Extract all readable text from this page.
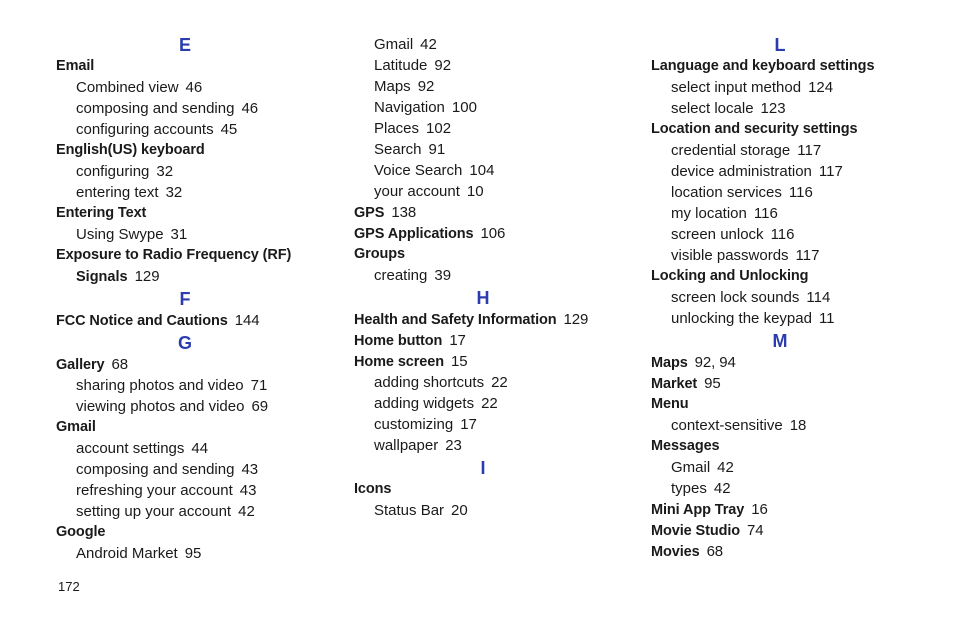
E
Email
Combined view 46
composing and sending 46
configuring accounts 45
English(US) keyboard
configuring 32
entering text 32
Entering Text
Using Swype 31
Exposure to Radio Frequency (RF)
Signals 129
F
FCC Notice and Cautions 144
G
Gallery 68
sharing photos and video 71
viewing photos and video 69
Gmail
account settings 44
composing and sending 43
refreshing your account 43
setting up your account 42
Google
Android Market 95
Gmail 42
Latitude 92
Maps 92
Navigation 100
Places 102
Search 91
Voice Search 104
your account 10
GPS 138
GPS Applications 106
Groups
creating 39
H
Health and Safety Information 129
Home button 17
Home screen 15
adding shortcuts 22
adding widgets 22
customizing 17
wallpaper 23
I
Icons
Status Bar 20
L
Language and keyboard settings
select input method 124
select locale 123
Location and security settings
credential storage 117
device administration 117
location services 116
my location 116
screen unlock 116
visible passwords 117
Locking and Unlocking
screen lock sounds 114
unlocking the keypad 11
M
Maps 92, 94
Market 95
Menu
context-sensitive 18
Messages
Gmail 42
types 42
Mini App Tray 16
Movie Studio 74
Movies 68
172
